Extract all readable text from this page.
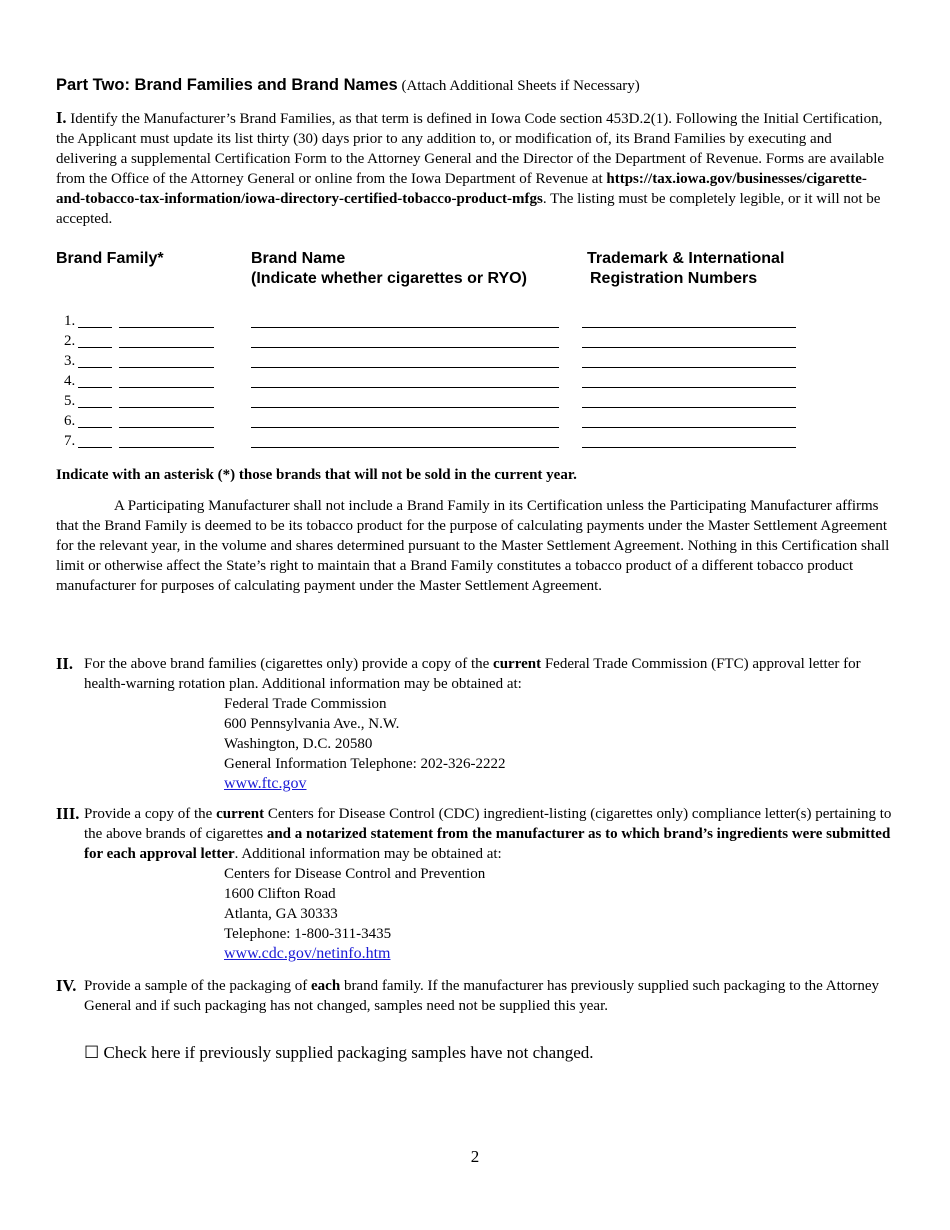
Part Two: Brand Families and Brand Names (Attach Additional Sheets if Necessary)
I. Identify the Manufacturer’s Brand Families, as that term is defined in Iowa Code section 453D.2(1). Following the Initial Certification, the Applicant must update its list thirty (30) days prior to any addition to, or modification of, its Brand Families by executing and delivering a supplemental Certification Form to the Attorney General and the Director of the Department of Revenue. Forms are available from the Office of the Attorney General or online from the Iowa Department of Revenue at https://tax.iowa.gov/businesses/cigarette-and-tobacco-tax-information/iowa-directory-certified-tobacco-product-mfgs. The listing must be completely legible, or it will not be accepted.
Brand Family*	Brand Name
(Indicate whether cigarettes or RYO)
Trademark & International
Registration Numbers
1.
2.
3.
4.
5.
6.
7.
Indicate with an asterisk (*) those brands that will not be sold in the current year.
A Participating Manufacturer shall not include a Brand Family in its Certification unless the Participating Manufacturer affirms that the Brand Family is deemed to be its tobacco product for the purpose of calculating payments under the Master Settlement Agreement for the relevant year, in the volume and shares determined pursuant to the Master Settlement Agreement. Nothing in this Certification shall limit or otherwise affect the State’s right to maintain that a Brand Family constitutes a tobacco product of a different tobacco product manufacturer for purposes of calculating payment under the Master Settlement Agreement.
II. For the above brand families (cigarettes only) provide a copy of the current Federal Trade Commission (FTC) approval letter for health-warning rotation plan. Additional information may be obtained at:
Federal Trade Commission
600 Pennsylvania Ave., N.W.
Washington, D.C. 20580
General Information Telephone: 202-326-2222
www.ftc.gov
III. Provide a copy of the current Centers for Disease Control (CDC) ingredient-listing (cigarettes only) compliance letter(s) pertaining to the above brands of cigarettes and a notarized statement from the manufacturer as to which brand’s ingredients were submitted for each approval letter. Additional information may be obtained at:
Centers for Disease Control and Prevention
1600 Clifton Road
Atlanta, GA 30333
Telephone: 1-800-311-3435
www.cdc.gov/netinfo.htm
IV. Provide a sample of the packaging of each brand family. If the manufacturer has previously supplied such packaging to the Attorney General and if such packaging has not changed, samples need not be supplied this year.
☐ Check here if previously supplied packaging samples have not changed.
2
